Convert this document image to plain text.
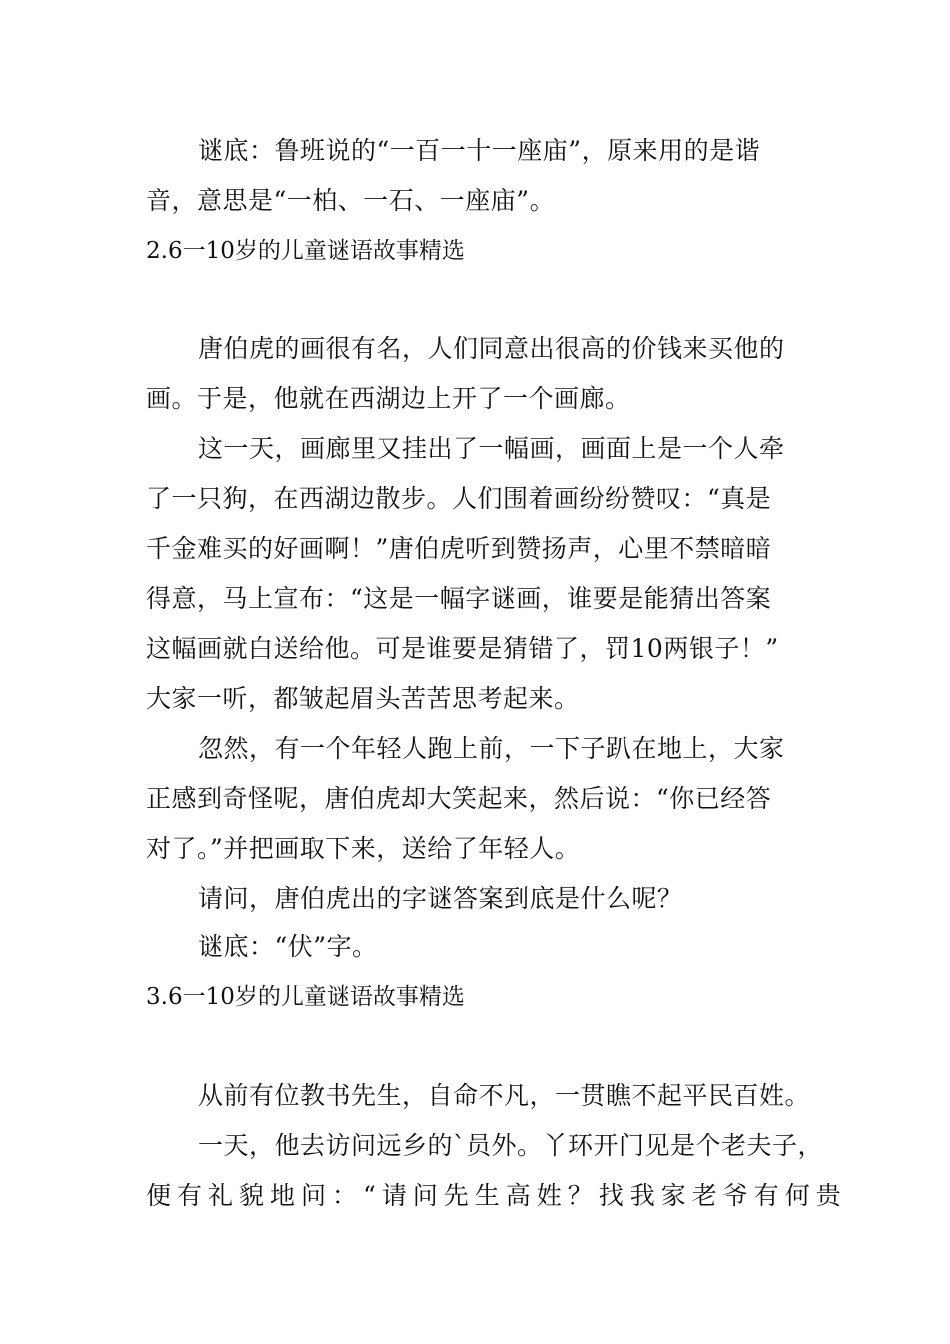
谜底：鲁班说的“一百一十一座庙”，原来用的是谐
音，意思是“一柏、一石、一座庙”。
2.6一10岁的儿童谜语故事精选
唐伯虎的画很有名，人们同意出很高的价钱来买他的
画。于是，他就在西湖边上开了一个画廊。
这一天，画廊里又挂出了一幅画，画面上是一个人牵
了一只狗，在西湖边散步。人们围着画纷纷赞叹：“真是
千金难买的好画啊！”唐伯虎听到赞扬声，心里不禁暗暗
得意，马上宣布：“这是一幅字谜画，谁要是能猜出答案
这幅画就白送给他。可是谁要是猜错了，罚10两银子！”
大家一听，都皱起眉头苦苦思考起来。
忽然，有一个年轻人跑上前，一下子趴在地上，大家
正感到奇怪呢，唐伯虎却大笑起来，然后说：“你已经答
对了。”并把画取下来，送给了年轻人。
请问，唐伯虎出的字谜答案到底是什么呢？
谜底：“伏”字。
3.6一10岁的儿童谜语故事精选
从前有位教书先生，自命不凡，一贯瞧不起平民百姓。
一天，他去访问远乡的`员外。丫环开门见是个老夫子，
便有礼貌地问：“请问先生高姓？找我家老爷有何贵
